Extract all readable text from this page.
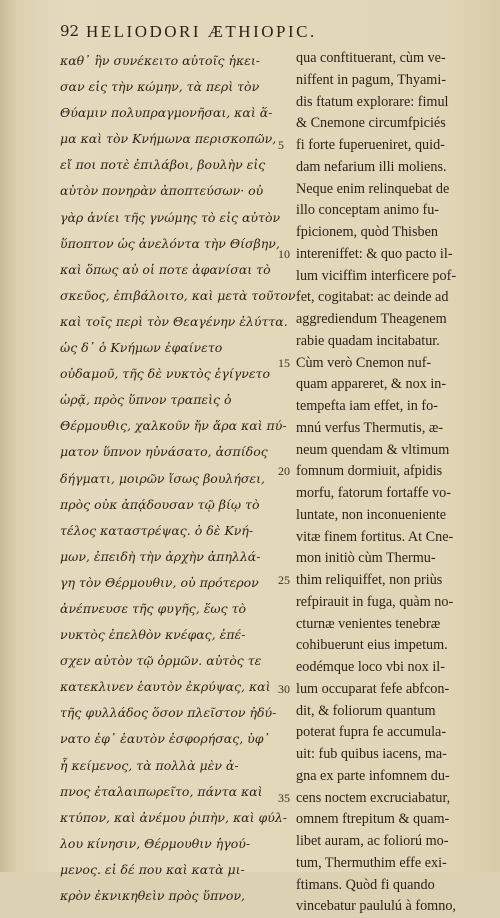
92 HELIODORI ÆTHIOPIC.
καθ᾽ ἣν συνέκειτο αὐτοῖς ἡκει-
σαν εἰς τὴν κώμην, τὰ περὶ τὸν
Θύαμιν πολυπραγμονῆσαι, καὶ ἅ-
μα καὶ τὸν Κνήμωνα περισκοπῶν,
εἴ ποι ποτὲ ἐπιλάβοι, βουλὴν εἰς
αὐτὸν πονηρὰν ἀποπτεύσων· οὐ
γὰρ ἀνίει τῆς γνώμης τὸ εἰς αὐτὸν
ὕποπτον ὡς ἀνελόντα τὴν Θίσβην,
καὶ ὅπως αὐ οἱ ποτε ἀφανίσαι τὸ
σκεῦος, ἐπιβάλοιτο, καὶ μετὰ τοῦτον
καὶ τοῖς περὶ τὸν Θεαγένην ἐλύττα.
ὡς δ᾽ ὁ Κνήμων ἐφαίνετο
οὐδαμοῦ, τῆς δὲ νυκτὸς ἐγίγνετο
ὡρᾷ, πρὸς ὕπνον τραπεὶς ὁ
Θέρμουθις, χαλκοῦν ἤν ἄρα καὶ πύ-
ματον ὕπνον ηὐνάσατο, ἀσπίδος
δήγματι, μοιρῶν ἴσως βουλήσει,
πρὸς οὐκ ἀπᾴδουσαν τῷ βίῳ τὸ
τέλος καταστρέψας. ὁ δὲ Κνή-
μων, ἐπειδὴ τὴν ἀρχὴν ἀπηλλά-
γη τὸν Θέρμουθιν, οὐ πρότερον
ἀνέπνευσε τῆς φυγῆς, ἕως τὸ
νυκτὸς ἐπελθὸν κνέφας, ἐπέ-
σχεν αὐτὸν τῷ ὁρμῶν. αὐτὸς τε
κατεκλινεν ἑαυτὸν ἐκρύψας, καὶ
τῆς φυλλάδος ὅσον πλεῖστον ἠδύ-
νατο ἐφ᾽ ἑαυτὸν ἐσφορήσας, ὑφ᾽
ἧ κείμενος, τὰ πολλὰ μὲν ἀ-
πνος ἐταλαιπωρεῖτο, πάντα καὶ
κτύπον, καὶ ἀνέμου ῥιπὴν, καὶ φύλ-
λου κίνησιν, Θέρμουθιν ἡγού-
μενος. εἰ δέ που καὶ κατὰ μι-
κρὸν ἐκνικηθεὶν πρὸς ὕπνον,
5
10
15
20
25
30
35
qua conftituerant, cùm ve-
niffent in pagum, Thyami-
dis ftatum explorare: fimul
& Cnemone circumfpiciés
fi forte fuperueniret, quid-
dam nefarium illi moliens.
Neque enim relinquebat de
illo conceptam animo fu-
fpicionem, quòd Thisben
intereniffet: & quo pacto il-
lum viciffim interficere pof-
fet, cogitabat: ac deinde ad
aggrediendum Theagenem
rabie quadam incitabatur.
Cùm verò Cnemon nuf-
quam appareret, & nox in-
tempefta iam effet, in fo-
mnú verfus Thermutis, æ-
neum quendam & vltimum
fomnum dormiuit, afpidis
morfu, fatorum fortaffe vo-
luntate, non inconueniente
vitæ finem fortitus. At Cne-
mon initiò cùm Thermu-
thim reliquiffet, non priùs
refpirauit in fuga, quàm no-
cturnæ venientes tenebræ
cohibuerunt eius impetum.
eodémque loco vbi nox il-
lum occuparat fefe abfcon-
dit, & foliorum quantum
poterat fupra fe accumula-
uit: fub quibus iacens, ma-
gna ex parte infomnem du-
cens noctem excruciabatur,
omnem ftrepitum & quam-
libet auram, ac foliorú mo-
tum, Thermuthim effe exi-
ftimans. Quòd fi quando
vincebatur paululú à fomno,
